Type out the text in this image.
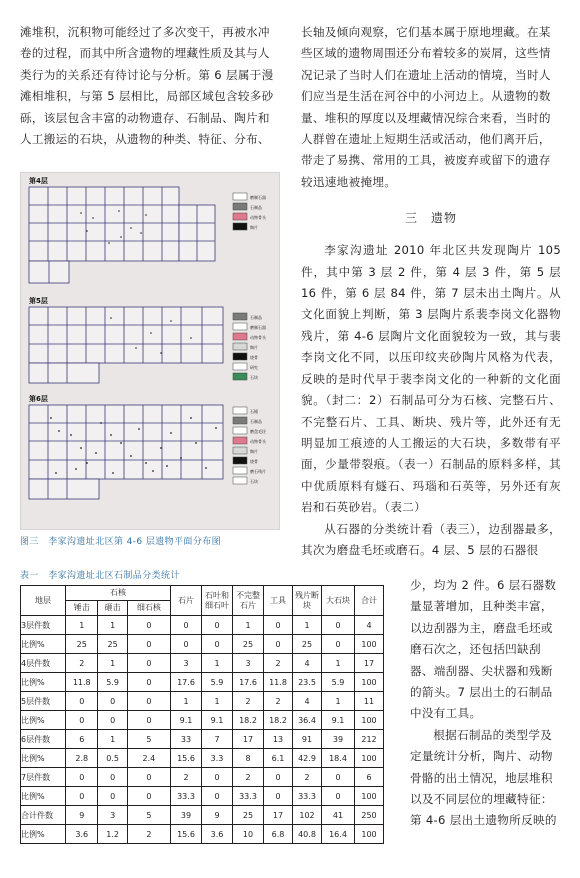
滩堆积，沉积物可能经过了多次变干，再被水冲

卷的过程，而其中所含遗物的埋藏性质及其与人

类行为的关系还有待讨论与分析。第 6 层属于漫

滩相堆积，与第 5 层相比，局部区域包含较多砂

砾，该层包含丰富的动物遗存、石制品、陶片和

人工搬运的石块，从遗物的种类、特征、分布、

第4层
磨制石器
石制品
动物骨头
陶片
第5层
石制品
磨制石器
动物骨头
陶片
烧骨
研究
石块
第6层
石锤
石制品
磨盘毛坯
动物骨头
陶片
烧骨
磨石残片
石块
图三　李家沟遗址北区第 4-6 层遗物平面分布图
表一　李家沟遗址北区石制品分类统计
地层	石核			石片	石叶和细石叶	不完整石片	工具	残片断块	大石块	合计
	锤击	砸击	细石核							
3层件数	1	1	0	0	0	1	0	1	0	4
比例%	25	25	0	0	0	25	0	25	0	100
4层件数	2	1	0	3	1	3	2	4	1	17
比例%	11.8	5.9	0	17.6	5.9	17.6	11.8	23.5	5.9	100
5层件数	0	0	0	1	1	2	2	4	1	11
比例%	0	0	0	9.1	9.1	18.2	18.2	36.4	9.1	100
6层件数	6	1	5	33	7	17	13	91	39	212
比例%	2.8	0.5	2.4	15.6	3.3	8	6.1	42.9	18.4	100
7层件数	0	0	0	2	0	2	0	2	0	6
比例%	0	0	0	33.3	0	33.3	0	33.3	0	100
合计件数	9	3	5	39	9	25	17	102	41	250
比例%	3.6	1.2	2	15.6	3.6	10	6.8	40.8	16.4	100

长轴及倾向观察，它们基本属于原地埋藏。在某

些区域的遗物周围还分布着较多的炭屑，这些情

况记录了当时人们在遗址上活动的情境，当时人

们应当是生活在河谷中的小河边上。从遗物的数

量、堆积的厚度以及埋藏情况综合来看，当时的

人群曾在遗址上短期生活或活动，他们离开后，

带走了易携、常用的工具，被废弃或留下的遗存

较迅速地被掩埋。

三　遗物

李家沟遗址 2010 年北区共发现陶片 105 件，其中第 3 层 2 件，第 4 层 3 件，第 5 层 16 件，第 6 层 84 件，第 7 层未出土陶片。从文化面貌上判断，第 3 层陶片系裴李岗文化器物残片，第 4-6 层陶片文化面貌较为一致，其与裴李岗文化不同，以压印纹夹砂陶片风格为代表，反映的是时代早于裴李岗文化的一种新的文化面貌。（封二：2）石制品可分为石核、完整石片、不完整石片、工具、断块、残片等，此外还有无明显加工痕迹的人工搬运的大石块，多数带有平面，少量带裂痕。（表一）石制品的原料多样，其中优质原料有燧石、玛瑙和石英等，另外还有灰岩和石英砂岩。（表二）

从石器的分类统计看（表三），边刮器最多，其次为磨盘毛坯或磨石。4 层、5 层的石器很

少，均为 2 件。6 层石器数

量显著增加，且种类丰富，

以边刮器为主，磨盘毛坯或

磨石次之，还包括凹缺刮

器、端刮器、尖状器和残断

的箭头。7 层出土的石制品

中没有工具。

根据石制品的类型学及

定量统计分析，陶片、动物

骨骼的出土情况，地层堆积

以及不同层位的埋藏特征：

第 4-6 层出土遗物所反映的
